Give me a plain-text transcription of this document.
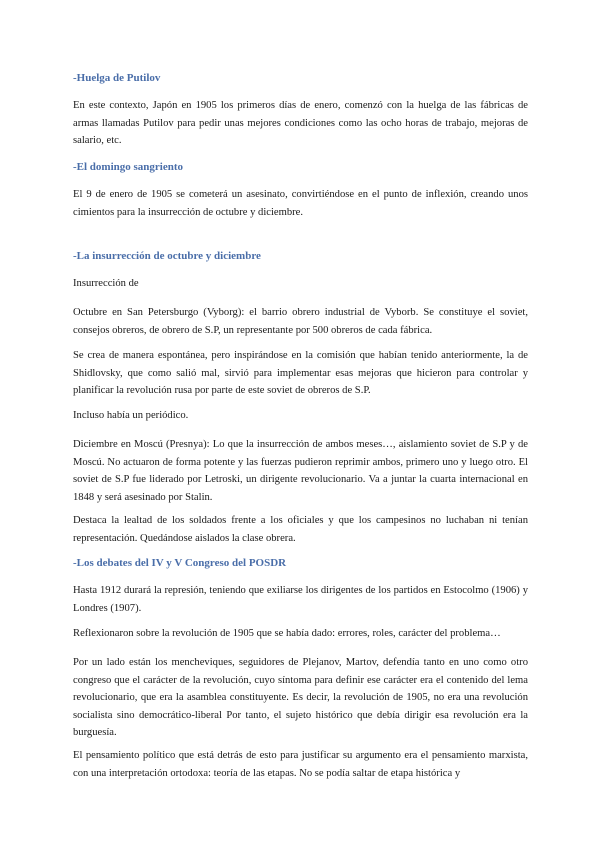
-Huelga de Putilov

En este contexto, Japón en 1905 los primeros días de enero, comenzó con la huelga de las fábricas de armas llamadas Putilov para pedir unas mejores condiciones como las ocho horas de trabajo, mejoras de salario, etc.

-El domingo sangriento

El 9 de enero de 1905 se cometerá un asesinato, convirtiéndose en el punto de inflexión, creando unos cimientos para la insurrección de octubre y diciembre.

-La insurrección de octubre y diciembre

Insurrección de

Octubre en San Petersburgo (Vyborg): el barrio obrero industrial de Vyborb. Se constituye el soviet, consejos obreros, de obrero de S.P, un representante por 500 obreros de cada fábrica.

Se crea de manera espontánea, pero inspirándose en la comisión que habían tenido anteriormente, la de Shidlovsky, que como salió mal, sirvió para implementar esas mejoras que hicieron para controlar y planificar la revolución rusa por parte de este soviet de obreros de S.P.

Incluso había un periódico.

Diciembre en Moscú (Presnya): Lo que la insurrección de ambos meses…, aislamiento soviet de S.P y de Moscú. No actuaron de forma potente y las fuerzas pudieron reprimir ambos, primero uno y luego otro. El soviet de S.P fue liderado por Letroski, un dirigente revolucionario. Va a juntar la cuarta internacional en 1848 y será asesinado por Stalin.

Destaca la lealtad de los soldados frente a los oficiales y que los campesinos no luchaban ni tenían representación. Quedándose aislados la clase obrera.

-Los debates del IV y V Congreso del POSDR

Hasta 1912 durará la represión, teniendo que exiliarse los dirigentes de los partidos en Estocolmo (1906) y Londres (1907).

Reflexionaron sobre la revolución de 1905 que se había dado: errores, roles, carácter del problema…

Por un lado están los mencheviques, seguidores de Plejanov, Martov, defendía tanto en uno como otro congreso que el carácter de la revolución, cuyo síntoma para definir ese carácter era el contenido del lema revolucionario, que era la asamblea constituyente. Es decir, la revolución de 1905, no era una revolución socialista sino democrático-liberal Por tanto, el sujeto histórico que debía dirigir esa revolución era la burguesía.

El pensamiento político que está detrás de esto para justificar su argumento era el pensamiento marxista, con una interpretación ortodoxa: teoría de las etapas. No se podía saltar de etapa histórica y
